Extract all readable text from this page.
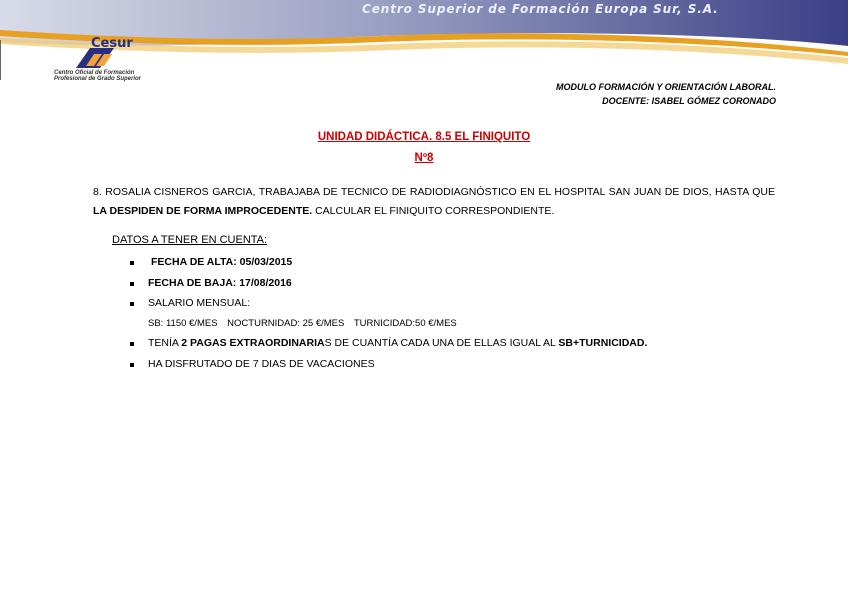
Centro Superior de Formación Europa Sur, S.A.
Cesur
Centro Oficial de Formación
Profesional de Grado Superior
MODULO FORMACIÓN Y ORIENTACIÓN LABORAL.
DOCENTE: ISABEL GÓMEZ CORONADO
UNIDAD DIDÁCTICA. 8.5 EL FINIQUITO
Nº8
8. ROSALIA CISNEROS GARCIA, TRABAJABA DE TECNICO DE RADIODIAGNÓSTICO EN EL HOSPITAL SAN JUAN DE DIOS, HASTA QUE LA DESPIDEN DE FORMA IMPROCEDENTE. CALCULAR EL FINIQUITO CORRESPONDIENTE.
DATOS A TENER EN CUENTA:
FECHA DE ALTA: 05/03/2015
FECHA DE BAJA: 17/08/2016
SALARIO MENSUAL:
SB: 1150 €/MES NOCTURNIDAD: 25 €/MES TURNICIDAD:50 €/MES
TENÍA 2 PAGAS EXTRAORDINARIAS DE CUANTÍA CADA UNA DE ELLAS IGUAL AL SB+TURNICIDAD.
HA DISFRUTADO DE 7 DIAS DE VACACIONES
